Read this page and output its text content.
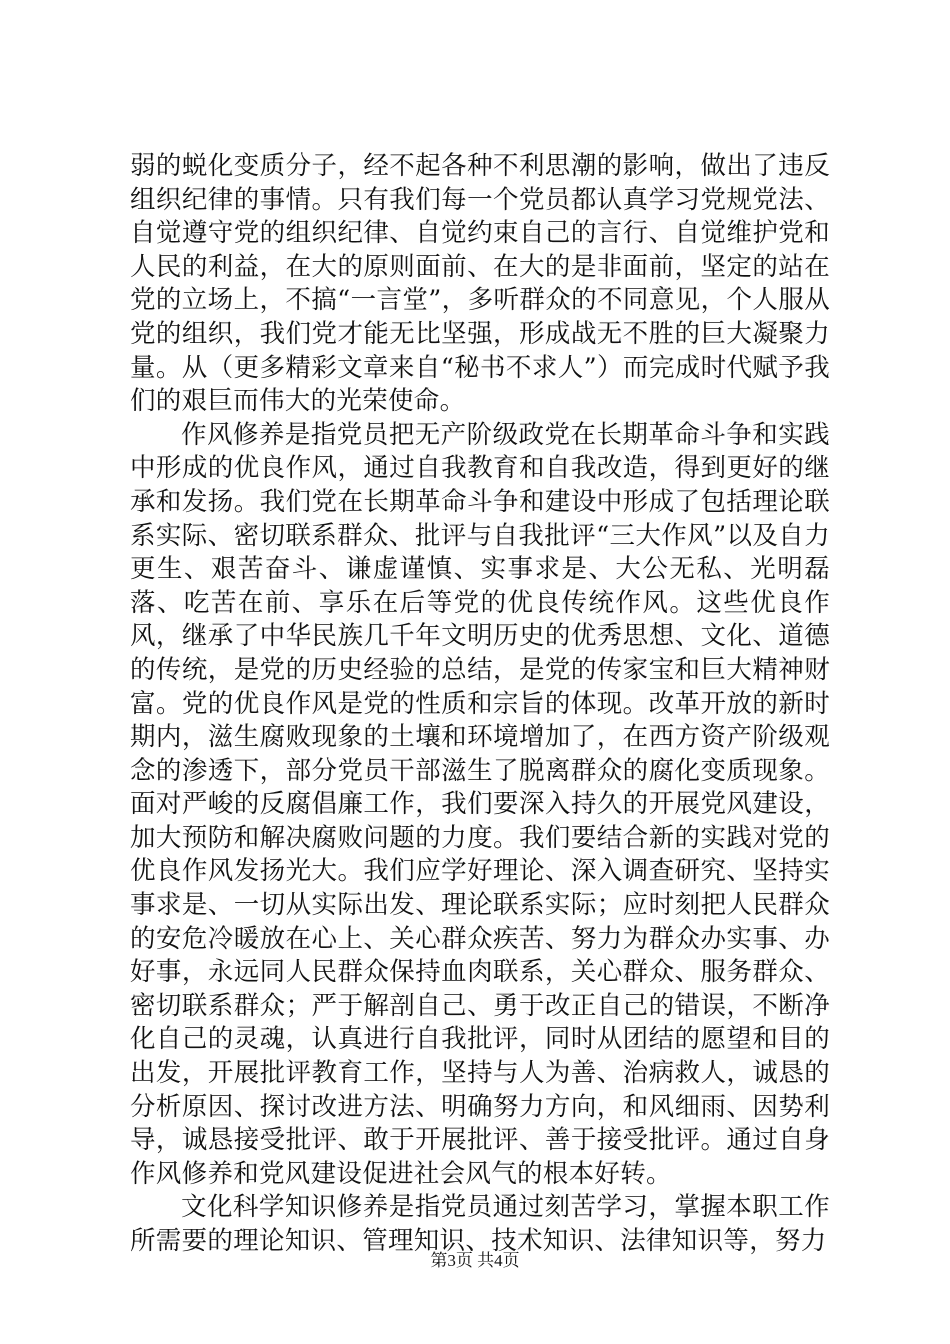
弱的蜕化变质分子，经不起各种不利思潮的影响，做出了违反组织纪律的事情。只有我们每一个党员都认真学习党规党法、自觉遵守党的组织纪律、自觉约束自己的言行、自觉维护党和人民的利益，在大的原则面前、在大的是非面前，坚定的站在党的立场上，不搞“一言堂”，多听群众的不同意见，个人服从党的组织，我们党才能无比坚强，形成战无不胜的巨大凝聚力量。从（更多精彩文章来自“秘书不求人”）而完成时代赋予我们的艰巨而伟大的光荣使命。

作风修养是指党员把无产阶级政党在长期革命斗争和实践中形成的优良作风，通过自我教育和自我改造，得到更好的继承和发扬。我们党在长期革命斗争和建设中形成了包括理论联系实际、密切联系群众、批评与自我批评“三大作风”以及自力更生、艰苦奋斗、谦虚谨慎、实事求是、大公无私、光明磊落、吃苦在前、享乐在后等党的优良传统作风。这些优良作风，继承了中华民族几千年文明历史的优秀思想、文化、道德的传统，是党的历史经验的总结，是党的传家宝和巨大精神财富。党的优良作风是党的性质和宗旨的体现。改革开放的新时期内，滋生腐败现象的土壤和环境增加了，在西方资产阶级观念的渗透下，部分党员干部滋生了脱离群众的腐化变质现象。面对严峻的反腐倡廉工作，我们要深入持久的开展党风建设，加大预防和解决腐败问题的力度。我们要结合新的实践对党的优良作风发扬光大。我们应学好理论、深入调查研究、坚持实事求是、一切从实际出发、理论联系实际；应时刻把人民群众的安危冷暖放在心上、关心群众疾苦、努力为群众办实事、办好事，永远同人民群众保持血肉联系，关心群众、服务群众、密切联系群众；严于解剖自己、勇于改正自己的错误，不断净化自己的灵魂，认真进行自我批评，同时从团结的愿望和目的出发，开展批评教育工作，坚持与人为善、治病救人，诚恳的分析原因、探讨改进方法、明确努力方向，和风细雨、因势利导，诚恳接受批评、敢于开展批评、善于接受批评。通过自身作风修养和党风建设促进社会风气的根本好转。

文化科学知识修养是指党员通过刻苦学习，掌握本职工作所需要的理论知识、管理知识、技术知识、法律知识等，努力

第3页 共4页
